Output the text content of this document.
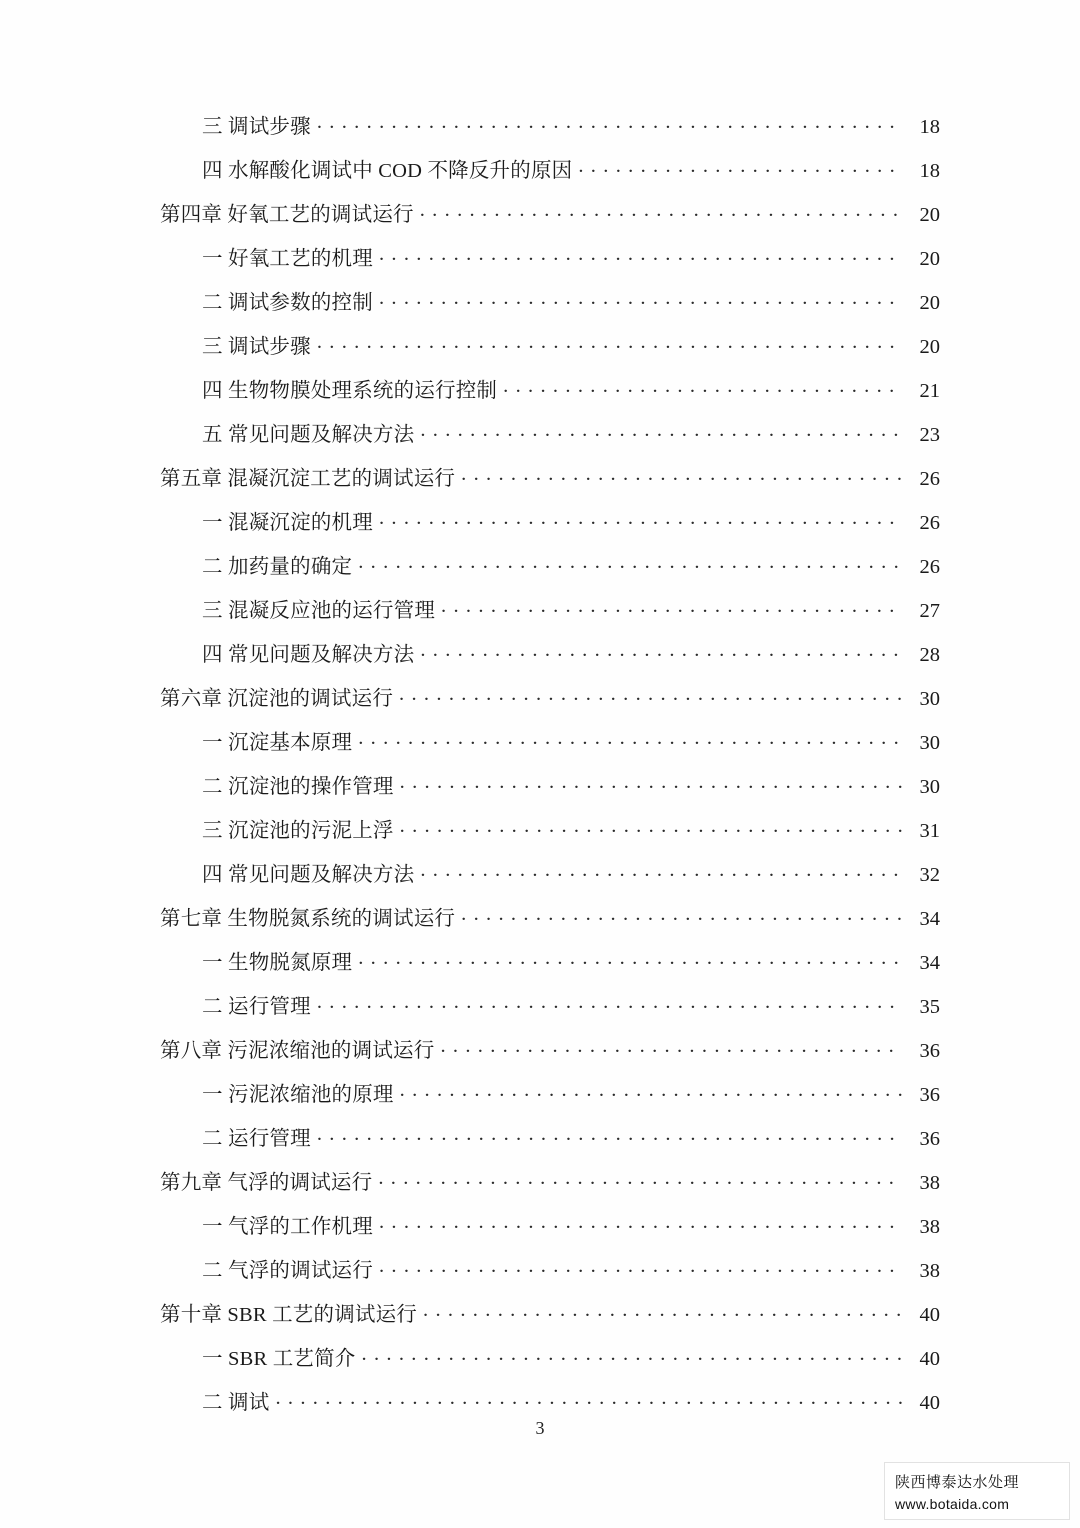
三 调试步骤 . . .	18
四 水解酸化调试中 COD 不降反升的原因 . . .	18
第四章 好氧工艺的调试运行 . . .	20
一 好氧工艺的机理 . . .	20
二 调试参数的控制 . . .	20
三 调试步骤 . . .	20
四 生物物膜处理系统的运行控制 . . .	21
五 常见问题及解决方法 . . .	23
第五章 混凝沉淀工艺的调试运行 . . .	26
一 混凝沉淀的机理 . . .	26
二 加药量的确定 . . .	26
三 混凝反应池的运行管理 . . .	27
四 常见问题及解决方法 . . .	28
第六章 沉淀池的调试运行 . . .	30
一 沉淀基本原理 . . .	30
二 沉淀池的操作管理 . . .	30
三 沉淀池的污泥上浮 . . .	31
四 常见问题及解决方法 . . .	32
第七章 生物脱氮系统的调试运行 . . .	34
一 生物脱氮原理 . . .	34
二 运行管理 . . .	35
第八章 污泥浓缩池的调试运行 . . .	36
一 污泥浓缩池的原理 . . .	36
二 运行管理 . . .	36
第九章 气浮的调试运行 . . .	38
一 气浮的工作机理 . . .	38
二 气浮的调试运行 . . .	38
第十章 SBR 工艺的调试运行 . . .	40
一 SBR 工艺简介 . . .	40
二 调试 . . .	40
3
陕西博泰达水处理
www.botaida.com
